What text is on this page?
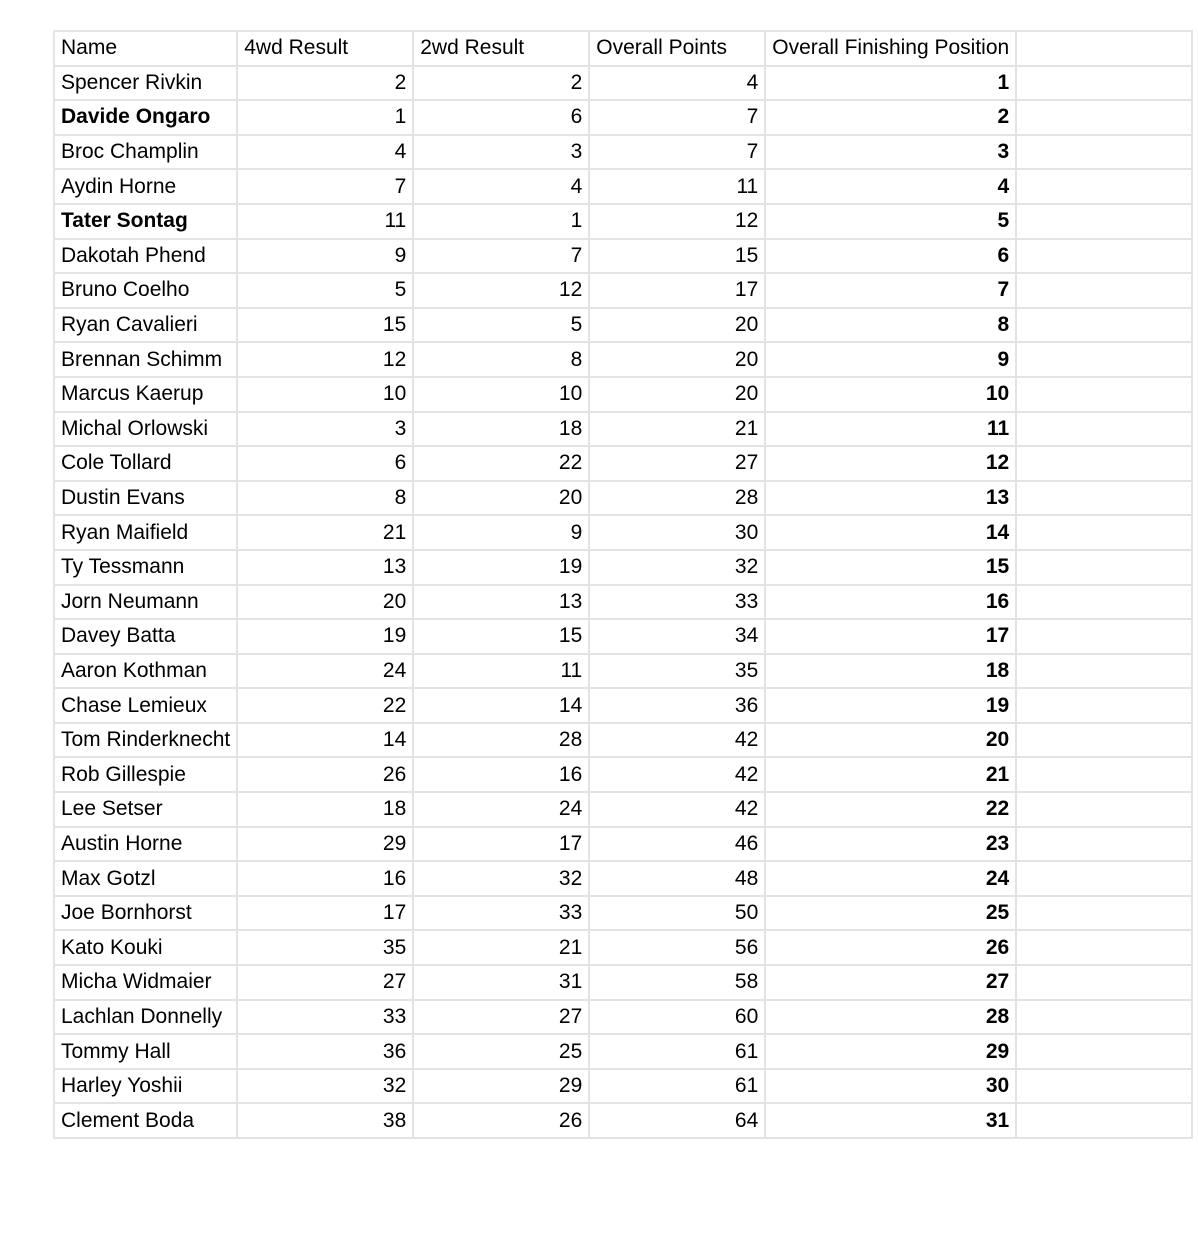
Name	4wd Result	2wd Result	Overall Points	Overall Finishing Position	
Spencer Rivkin	2	2	4	1	
Davide Ongaro	1	6	7	2	
Broc Champlin	4	3	7	3	
Aydin Horne	7	4	11	4	
Tater Sontag	11	1	12	5	
Dakotah Phend	9	7	15	6	
Bruno Coelho	5	12	17	7	
Ryan Cavalieri	15	5	20	8	
Brennan Schimm	12	8	20	9	
Marcus Kaerup	10	10	20	10	
Michal Orlowski	3	18	21	11	
Cole Tollard	6	22	27	12	
Dustin Evans	8	20	28	13	
Ryan Maifield	21	9	30	14	
Ty Tessmann	13	19	32	15	
Jorn Neumann	20	13	33	16	
Davey Batta	19	15	34	17	
Aaron Kothman	24	11	35	18	
Chase Lemieux	22	14	36	19	
Tom Rinderknecht	14	28	42	20	
Rob Gillespie	26	16	42	21	
Lee Setser	18	24	42	22	
Austin Horne	29	17	46	23	
Max Gotzl	16	32	48	24	
Joe Bornhorst	17	33	50	25	
Kato Kouki	35	21	56	26	
Micha Widmaier	27	31	58	27	
Lachlan Donnelly	33	27	60	28	
Tommy Hall	36	25	61	29	
Harley Yoshii	32	29	61	30	
Clement Boda	38	26	64	31	
